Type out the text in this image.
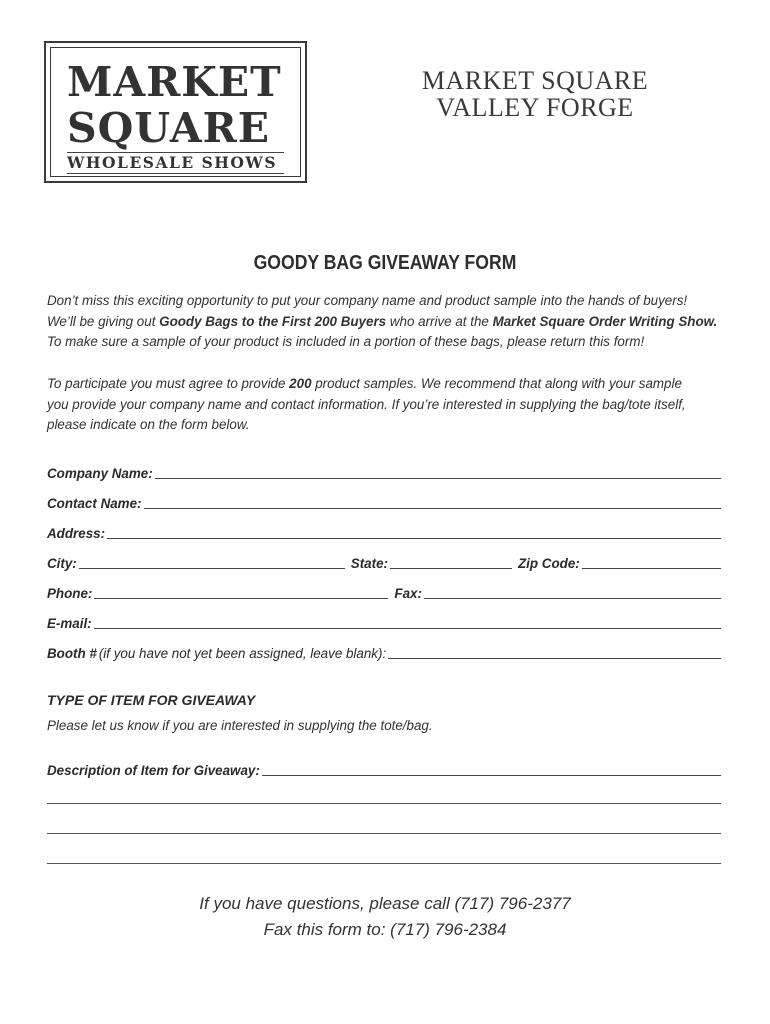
MARKET
SQUARE
WHOLESALE SHOWS
MARKET SQUARE
VALLEY FORGE
GOODY BAG GIVEAWAY FORM
Don’t miss this exciting opportunity to put your company name and product sample into the hands of buyers!
We’ll be giving out Goody Bags to the First 200 Buyers who arrive at the Market Square Order Writing Show.
To make sure a sample of your product is included in a portion of these bags, please return this form!
To participate you must agree to provide 200 product samples. We recommend that along with your sample
you provide your company name and contact information. If you’re interested in supplying the bag/tote itself,
please indicate on the form below.
Company Name:
Contact Name:
Address:
City:	State:	Zip Code:
Phone:	Fax:
E-mail:
Booth # (if you have not yet been assigned, leave blank):
TYPE OF ITEM FOR GIVEAWAY
Please let us know if you are interested in supplying the tote/bag.
Description of Item for Giveaway:
If you have questions, please call (717) 796-2377
Fax this form to: (717) 796-2384
